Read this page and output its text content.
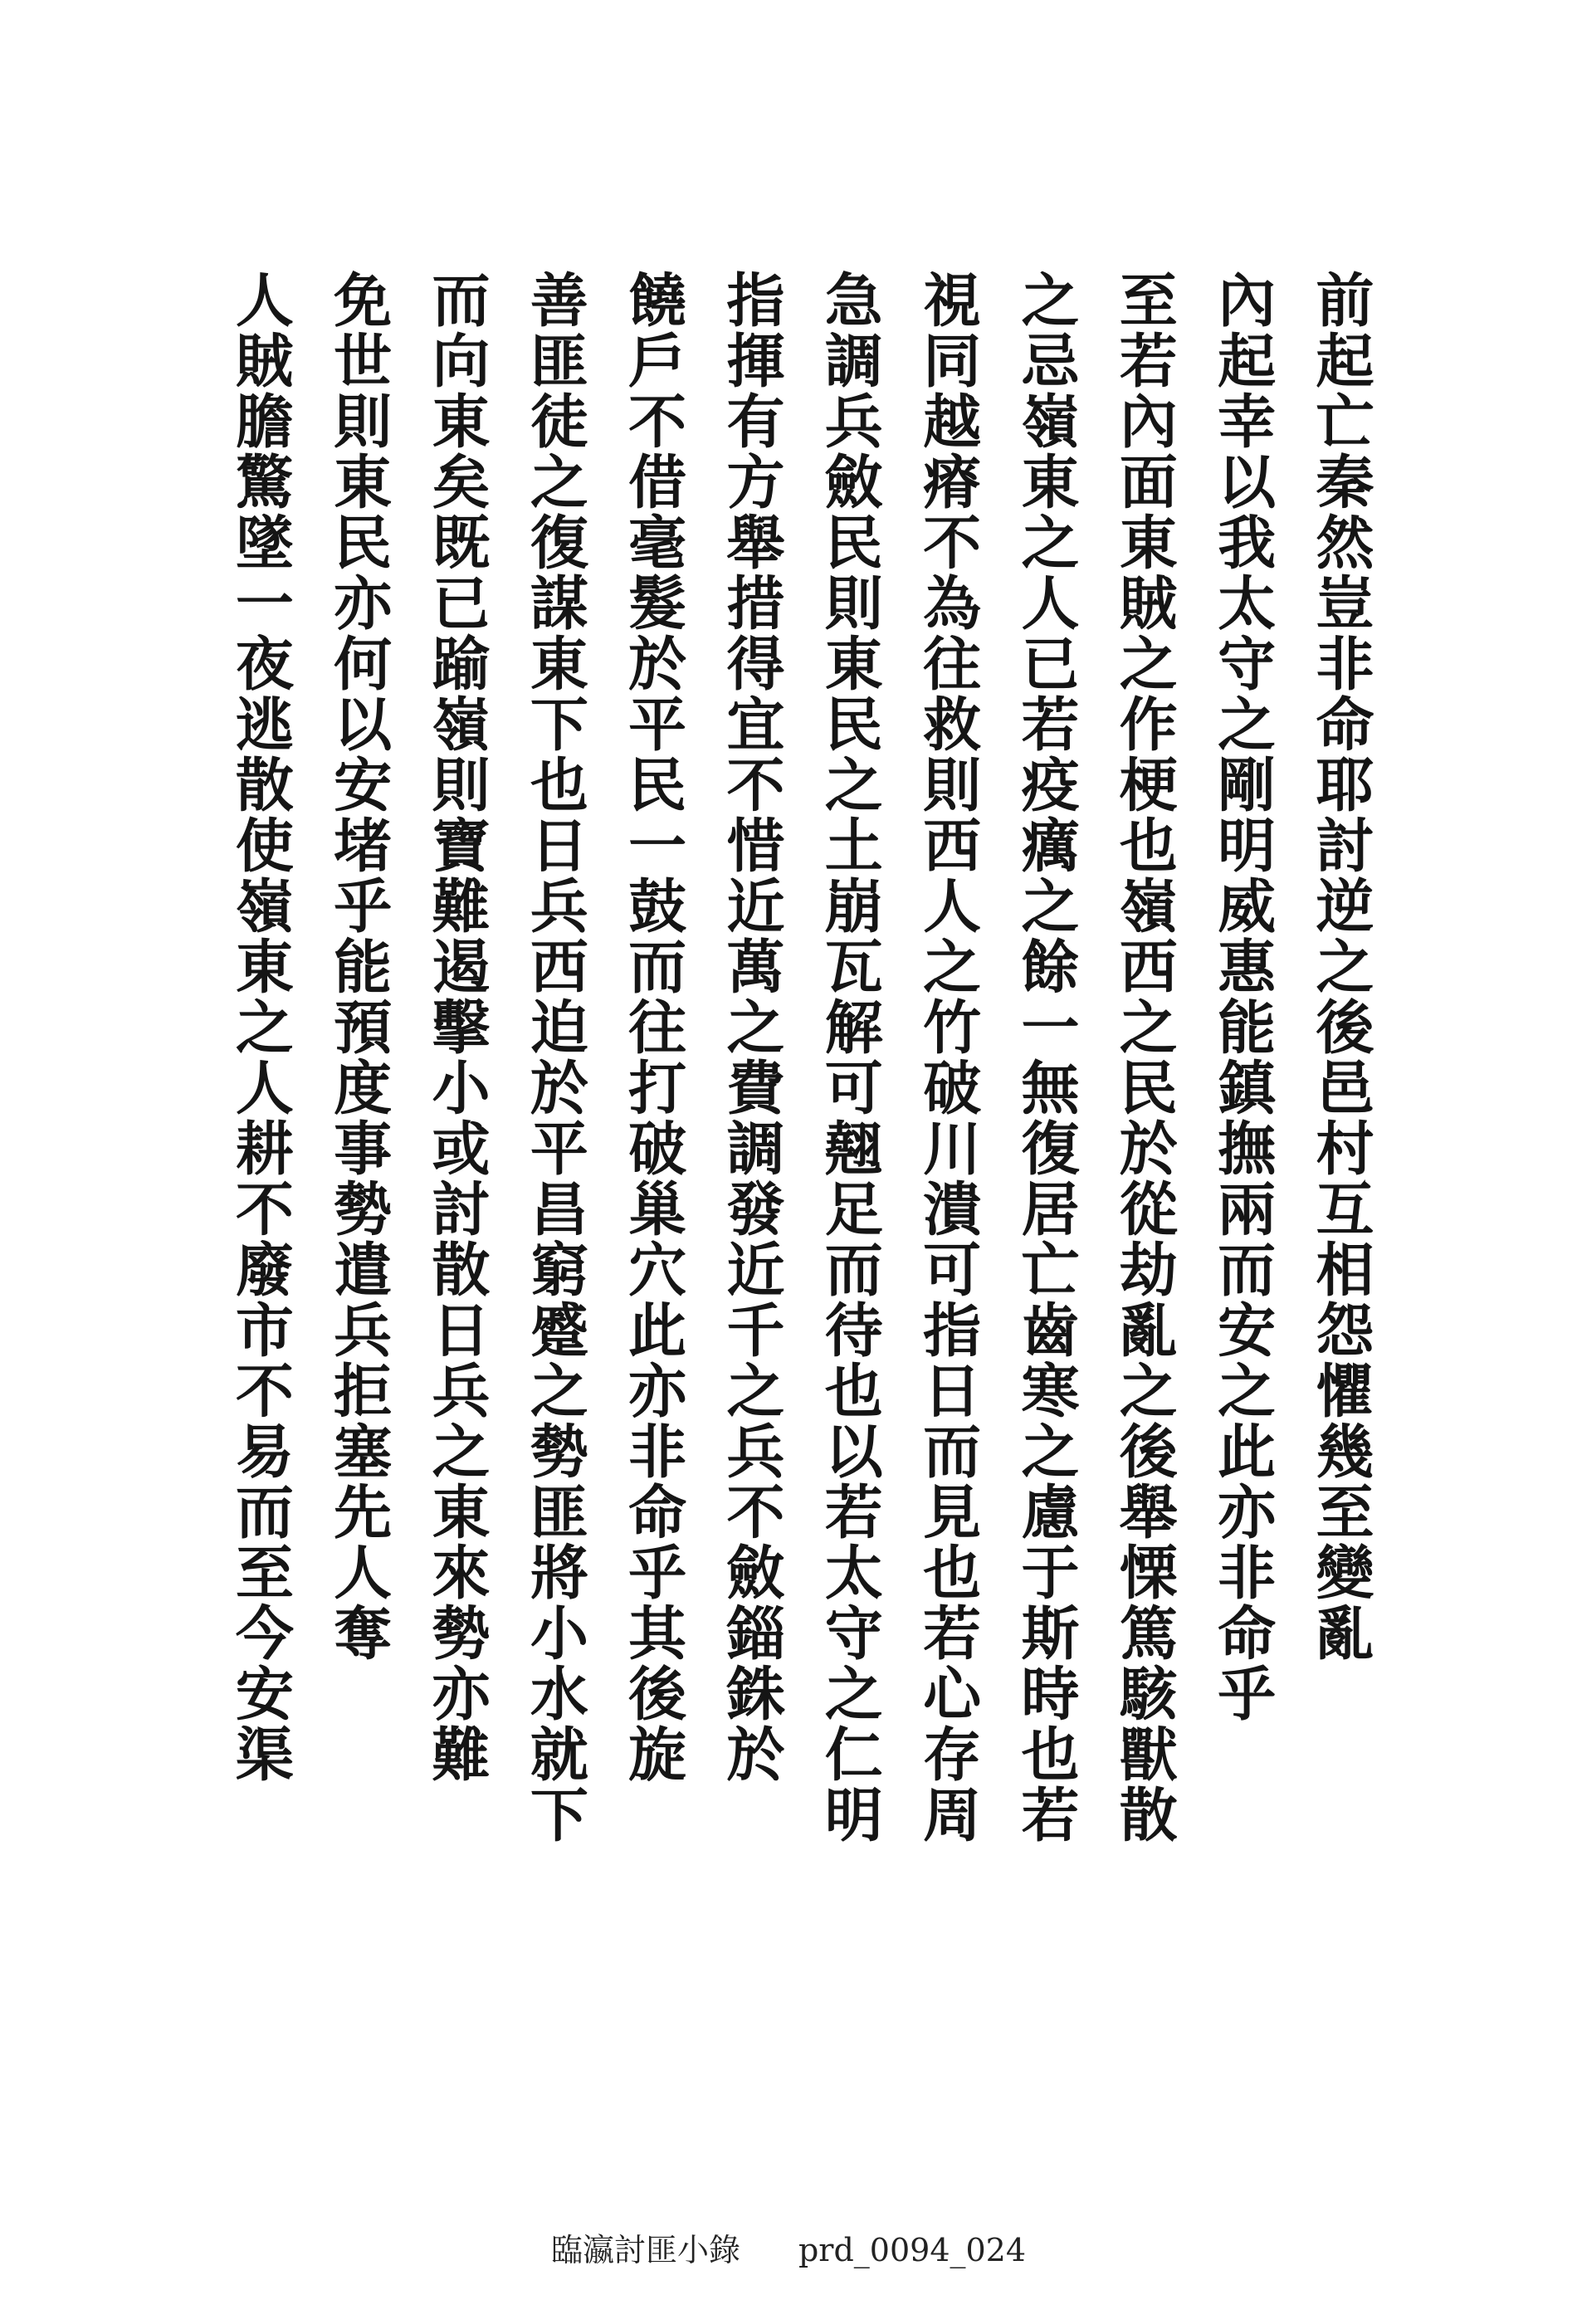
前起亡秦然豈非命耶討逆之後邑村互相怨懼幾至變亂
內起幸以我太守之剛明威惠能鎮撫兩而安之此亦非命乎
至若內面東賊之作梗也嶺西之民於從劫亂之後舉慄篤駭獸散
之忌嶺東之人已若疫癘之餘一無復居亡齒寒之慮于斯時也若
視同越瘠不為往救則西人之竹破川潰可指日而見也若心存周
急調兵斂民則東民之土崩瓦解可翹足而待也以若太守之仁明
指揮有方舉措得宜不惜近萬之費調發近千之兵不斂錙銖於
饒戶不借毫髮於平民一鼓而往打破巢穴此亦非命乎其後旋
善匪徒之復謀東下也日兵西迫於平昌窮蹙之勢匪將小水就下
而向東矣既已踰嶺則寶難遏擊小或討散日兵之東來勢亦難
免世則東民亦何以安堵乎能預度事勢遣兵拒塞先人奪
人賊膽驚墜一夜逃散使嶺東之人耕不廢市不易而至今安渠
臨瀛討匪小錄 prd_0094_024
